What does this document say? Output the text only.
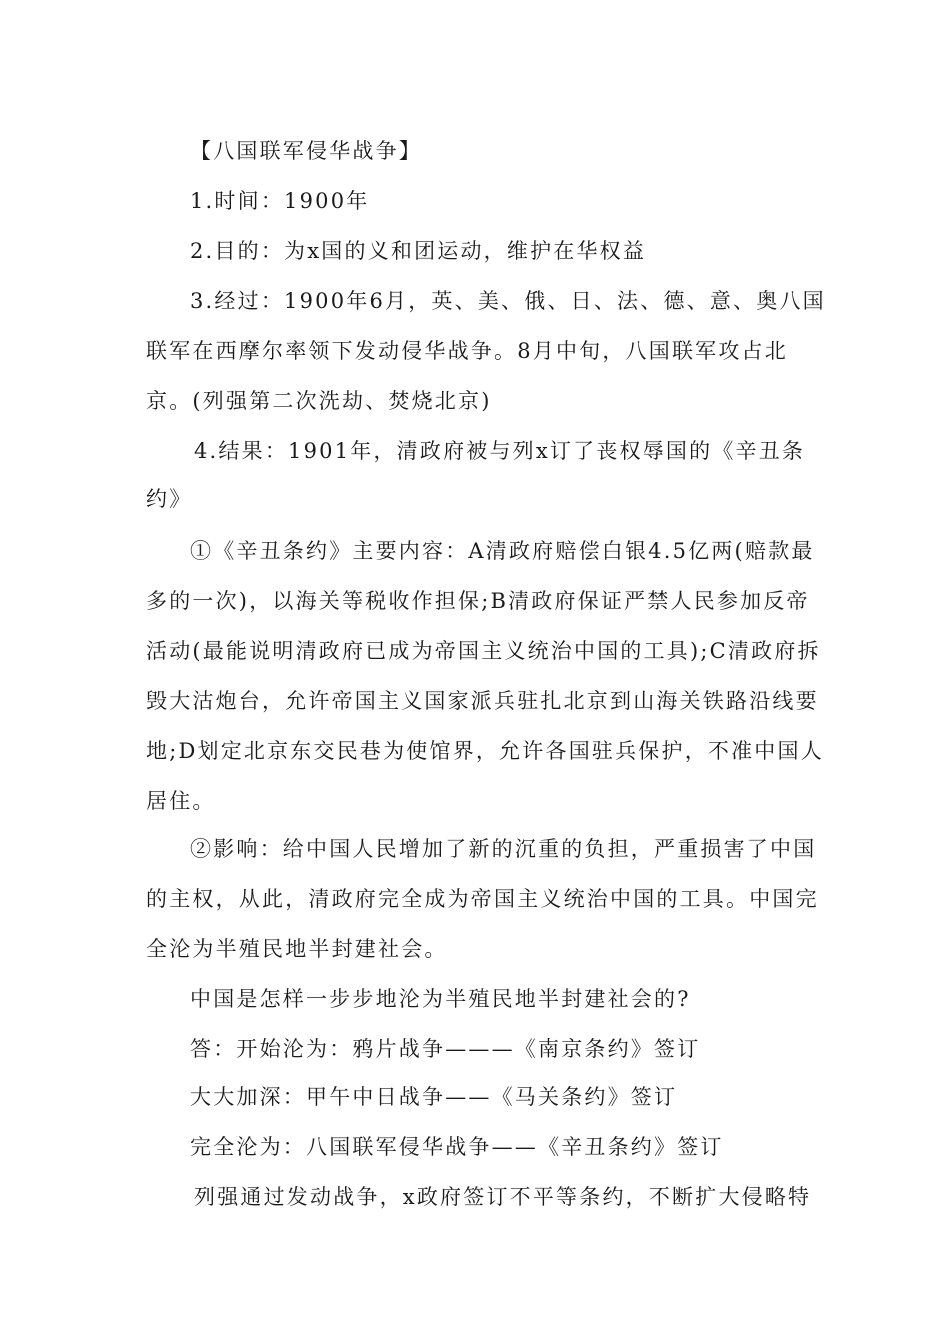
【八国联军侵华战争】
1.时间：1900年
2.目的：为x国的义和团运动，维护在华权益
3.经过：1900年6月，英、美、俄、日、法、德、意、奥八国
联军在西摩尔率领下发动侵华战争。8月中旬，八国联军攻占北
京。(列强第二次洗劫、焚烧北京)
4.结果：1901年，清政府被与列x订了丧权辱国的《辛丑条
约》
①《辛丑条约》主要内容：A清政府赔偿白银4.5亿两(赔款最
多的一次)，以海关等税收作担保;B清政府保证严禁人民参加反帝
活动(最能说明清政府已成为帝国主义统治中国的工具);C清政府拆
毁大沽炮台，允许帝国主义国家派兵驻扎北京到山海关铁路沿线要
地;D划定北京东交民巷为使馆界，允许各国驻兵保护，不准中国人
居住。
②影响：给中国人民增加了新的沉重的负担，严重损害了中国
的主权，从此，清政府完全成为帝国主义统治中国的工具。中国完
全沦为半殖民地半封建社会。
中国是怎样一步步地沦为半殖民地半封建社会的?
答：开始沦为：鸦片战争———《南京条约》签订
大大加深：甲午中日战争——《马关条约》签订
完全沦为：八国联军侵华战争——《辛丑条约》签订
列强通过发动战争，x政府签订不平等条约，不断扩大侵略特
